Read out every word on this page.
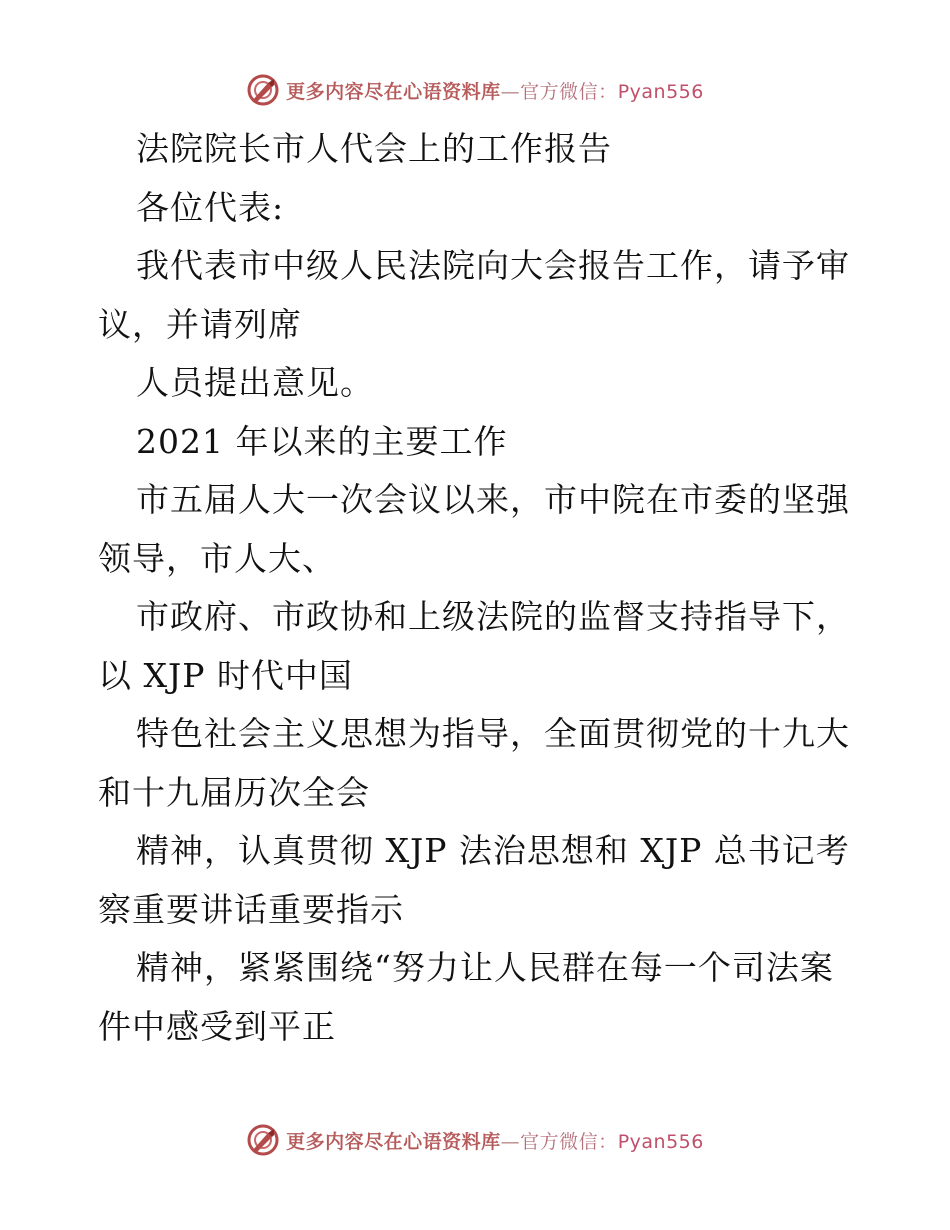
更多内容尽在心语资料库—官方微信：Pyan556
法院院长市人代会上的工作报告
各位代表:
我代表市中级人民法院向大会报告工作，请予审
议，并请列席
人员提出意见。
2021 年以来的主要工作
市五届人大一次会议以来，市中院在市委的坚强
领导，市人大、
市政府、市政协和上级法院的监督支持指导下，
以 XJP 时代中国
特色社会主义思想为指导，全面贯彻党的十九大
和十九届历次全会
精神，认真贯彻 XJP 法治思想和 XJP 总书记考
察重要讲话重要指示
精神，紧紧围绕“努力让人民群在每一个司法案
件中感受到平正
更多内容尽在心语资料库—官方微信：Pyan556
